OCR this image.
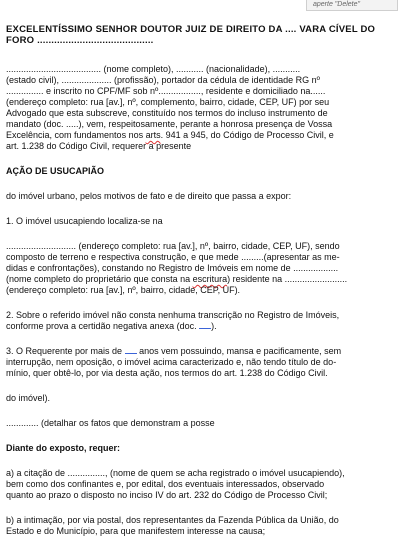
aperte "Delete"

EXCELENTÍSSIMO SENHOR DOUTOR JUIZ DE DIREITO DA .... VARA CÍVEL DO

FORO .........................................

...................................... (nome completo), ........... (nacionalidade), ...........

(estado civil), .................... (profissão), portador da cédula de identidade RG nº

............... e inscrito no CPF/MF sob nº................., residente e domiciliado na......

(endereço completo: rua [av.], nº, complemento, bairro, cidade, CEP, UF) por seu

Advogado que esta subscreve, constituído nos termos do incluso instrumento de

mandato (doc. .....), vem, respeitosamente, perante a honrosa presença de Vossa

Excelência, com fundamentos nos arts. 941 a 945, do Código de Processo Civil, e

art. 1.238 do Código Civil, requerer a presente

AÇÃO DE USUCAPIÃO

do imóvel urbano, pelos motivos de fato e de direito que passa a expor:

1. O imóvel usucapiendo localiza-se na

............................ (endereço completo: rua [av.], nº, bairro, cidade, CEP, UF), sendo

composto de terreno e respectiva construção, e que mede .........(apresentar as me-

didas e confrontações), constando no Registro de Imóveis em nome de ..................

(nome completo do proprietário que consta na escritura) residente na .........................

(endereço completo: rua [av.], nº, bairro, cidade, CEP, UF).

2. Sobre o referido imóvel não consta nenhuma transcrição no Registro de Imóveis,

conforme prova a certidão negativa anexa (doc. ).

3. O Requerente por mais de  anos vem possuindo, mansa e pacificamente, sem

interrupção, nem oposição, o imóvel acima caracterizado e, não tendo título de do-

mínio, quer obtê-lo, por via desta ação, nos termos do art. 1.238 do Código Civil.

do imóvel).

............. (detalhar os fatos que demonstram a posse

Diante do exposto, requer:

a) a citação de ..............., (nome de quem se acha registrado o imóvel usucapiendo),

bem como dos confinantes e, por edital, dos eventuais interessados, observado

quanto ao prazo o disposto no inciso IV do art. 232 do Código de Processo Civil;

b) a intimação, por via postal, dos representantes da Fazenda Pública da União, do

Estado e do Município, para que manifestem interesse na causa;
